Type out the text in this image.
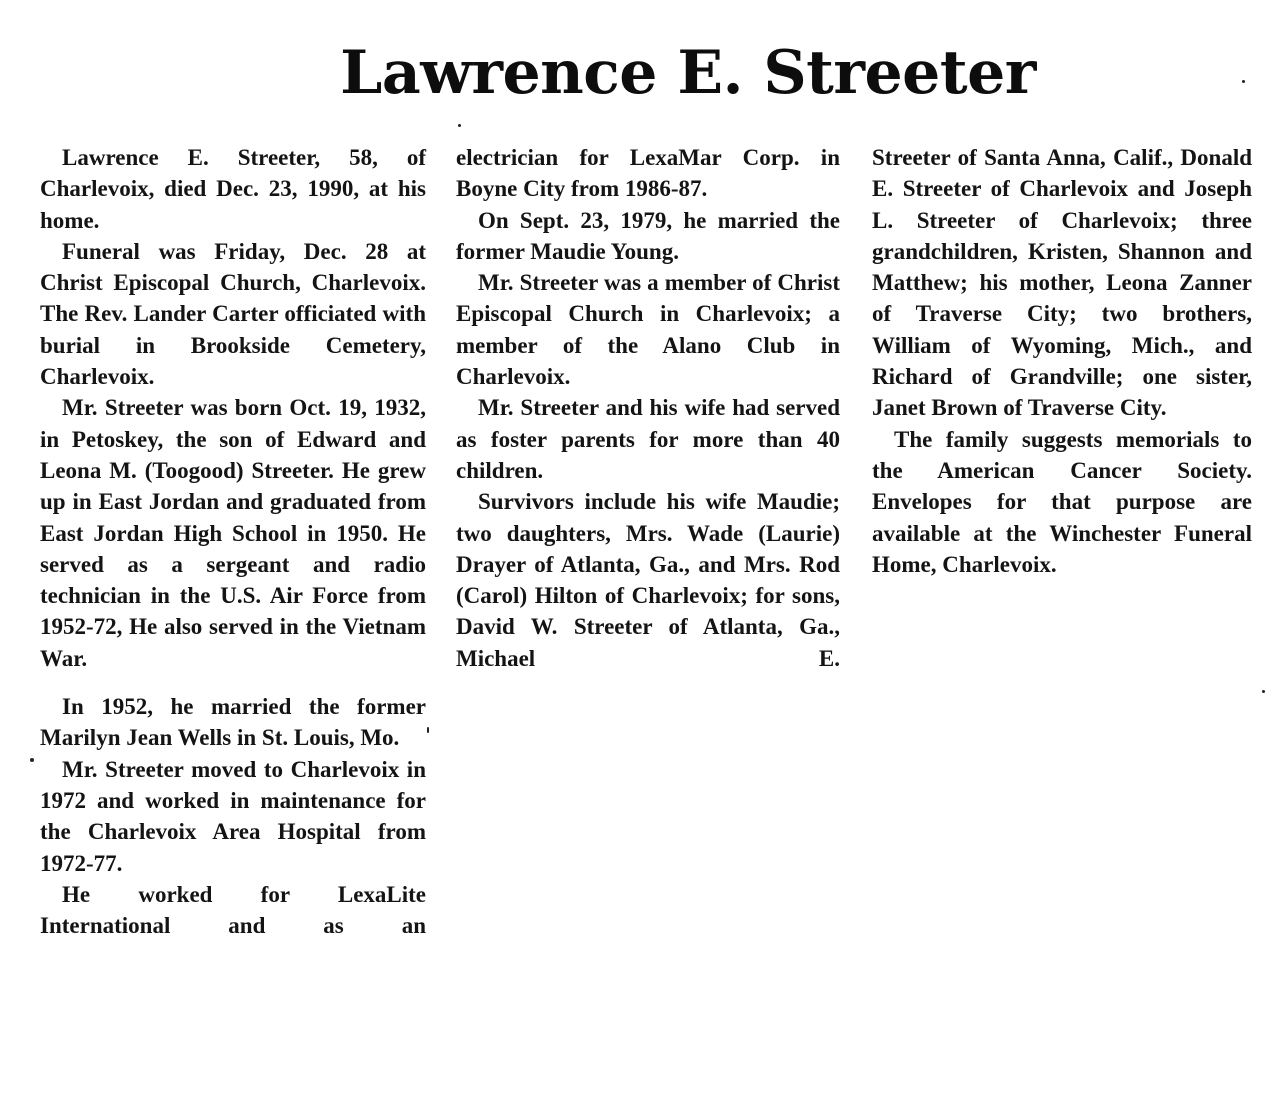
Lawrence E. Streeter

Lawrence E. Streeter, 58, of Charlevoix, died Dec. 23, 1990, at his home.

Funeral was Friday, Dec. 28 at Christ Episcopal Church, Charlevoix. The Rev. Lander Carter officiated with burial in Brookside Cemetery, Charlevoix.

Mr. Streeter was born Oct. 19, 1932, in Petoskey, the son of Edward and Leona M. (Toogood) Streeter. He grew up in East Jordan and graduated from East Jordan High School in 1950. He served as a sergeant and radio technician in the U.S. Air Force from 1952-72, He also served in the Vietnam War.

In 1952, he married the former Marilyn Jean Wells in St. Louis, Mo.

Mr. Streeter moved to Charlevoix in 1972 and worked in maintenance for the Charlevoix Area Hospital from 1972-77.

He worked for LexaLite International and as an

electrician for LexaMar Corp. in Boyne City from 1986-87.

On Sept. 23, 1979, he married the former Maudie Young.

Mr. Streeter was a member of Christ Episcopal Church in Charlevoix; a member of the Alano Club in Charlevoix.

Mr. Streeter and his wife had served as foster parents for more than 40 children.

Survivors include his wife Maudie; two daughters, Mrs. Wade (Laurie) Drayer of Atlanta, Ga., and Mrs. Rod (Carol) Hilton of Charlevoix; for sons, David W. Streeter of Atlanta, Ga., Michael E.

Streeter of Santa Anna, Calif., Donald E. Streeter of Charlevoix and Joseph L. Streeter of Charlevoix; three grandchildren, Kristen, Shannon and Matthew; his mother, Leona Zanner of Traverse City; two brothers, William of Wyoming, Mich., and Richard of Grandville; one sister, Janet Brown of Traverse City.

The family suggests memorials to the American Cancer Society. Envelopes for that purpose are available at the Winchester Funeral Home, Charlevoix.
